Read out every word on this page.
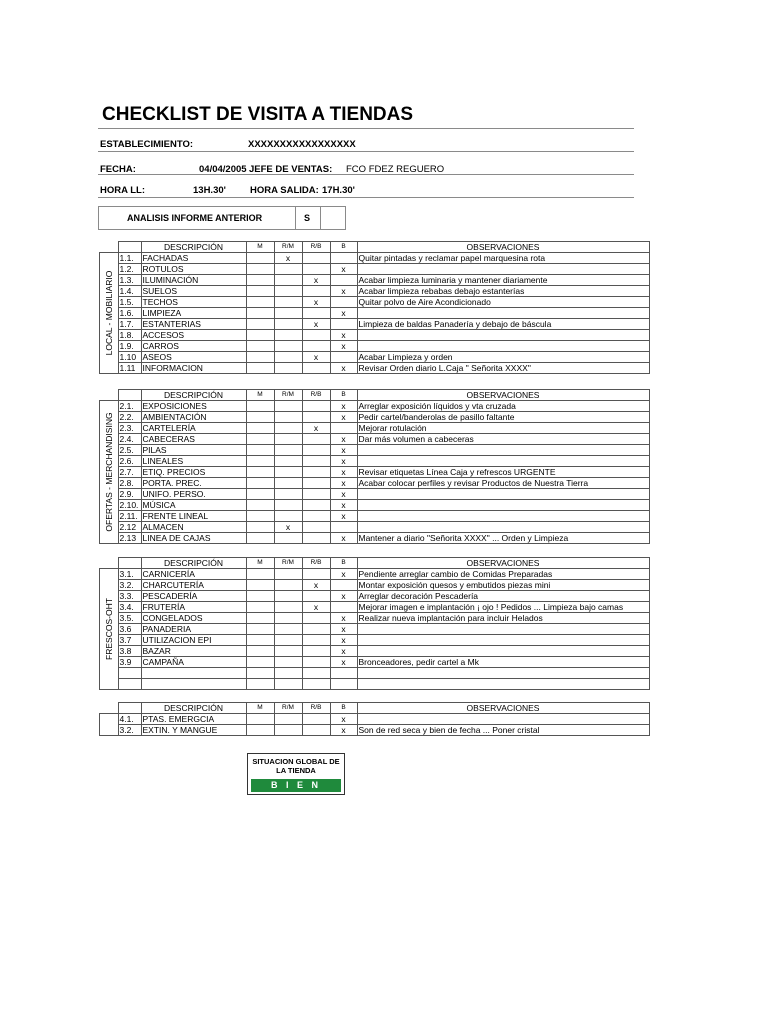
CHECKLIST DE VISITA A TIENDAS
ESTABLECIMIENTO:	XXXXXXXXXXXXXXXXX
FECHA:	04/04/2005 JEFE DE VENTAS: FCO FDEZ REGUERO
HORA LL:	13H.30'	HORA SALIDA: 17H.30'
ANALISIS INFORME ANTERIOR	S
		DESCRIPCIÓN	M	R/M	R/B	B	OBSERVACIONES

LOCAL - MOBILIARIO	1.1.	FACHADAS		x			Quitar pintadas y reclamar papel marquesina rota
	1.2.	ROTULOS				x	
	1.3.	ILUMINACIÓN			x		Acabar limpieza luminaria y mantener diariamente
	1.4.	SUELOS				x	Acabar limpieza rebabas debajo estanterías
	1.5.	TECHOS			x		Quitar polvo de Aire Acondicionado
	1.6.	LIMPIEZA				x	
	1.7.	ESTANTERIAS			x		Limpieza de baldas Panadería y debajo de báscula
	1.8.	ACCESOS				x	
	1.9.	CARROS				x	
	1.10	ASEOS			x		Acabar Limpieza y orden
	1.11	INFORMACION				x	Revisar Orden diario L.Caja " Señorita XXXX"
		DESCRIPCIÓN	M	R/M	R/B	B	OBSERVACIONES

OFERTAS - MERCHANDISING	2.1.	EXPOSICIONES				x	Arreglar exposición líquidos y vta cruzada
	2.2.	AMBIENTACIÓN				x	Pedir cartel/banderolas de pasillo faltante
	2.3.	CARTELERÍA			x		Mejorar rotulación
	2.4.	CABECERAS				x	Dar más volumen a cabeceras
	2.5.	PILAS				x	
	2.6.	LINEALES				x	
	2.7.	ETIQ. PRECIOS				x	Revisar etiquetas Línea Caja y refrescos URGENTE
	2.8.	PORTA. PREC.				x	Acabar colocar perfiles y revisar Productos de Nuestra Tierra
	2.9.	UNIFO. PERSO.				x	
	2.10.	MÚSICA				x	
	2.11.	FRENTE LINEAL				x	
	2.12	ALMACEN		x			
	2.13	LINEA DE CAJAS				x	Mantener a diario "Señorita XXXX" ... Orden y Limpieza
		DESCRIPCIÓN	M	R/M	R/B	B	OBSERVACIONES

FRESCOS-OHT	3.1.	CARNICERÍA				x	Pendiente arreglar cambio de Comidas Preparadas
	3.2.	CHARCUTERÍA			x		Montar exposición quesos y embutidos piezas mini
	3.3.	PESCADERÍA				x	Arreglar decoración Pescadería
	3.4.	FRUTERÍA			x		Mejorar imagen e implantación ¡ ojo ! Pedidos ... Limpieza bajo camas
	3.5.	CONGELADOS				x	Realizar nueva implantación para incluir Helados
	3.6	PANADERIA				x	
	3.7	UTILIZACION EPI				x	
	3.8	BAZAR				x	
	3.9	CAMPAÑA				x	Bronceadores, pedir cartel a Mk

		DESCRIPCIÓN	M	R/M	R/B	B	OBSERVACIONES

	4.1.	PTAS. EMERGCIA				x	
	3.2.	EXTIN. Y MANGUE				x	Son de red seca y bien de fecha ... Poner cristal
SITUACION GLOBAL DE LA TIENDA
B I E N
